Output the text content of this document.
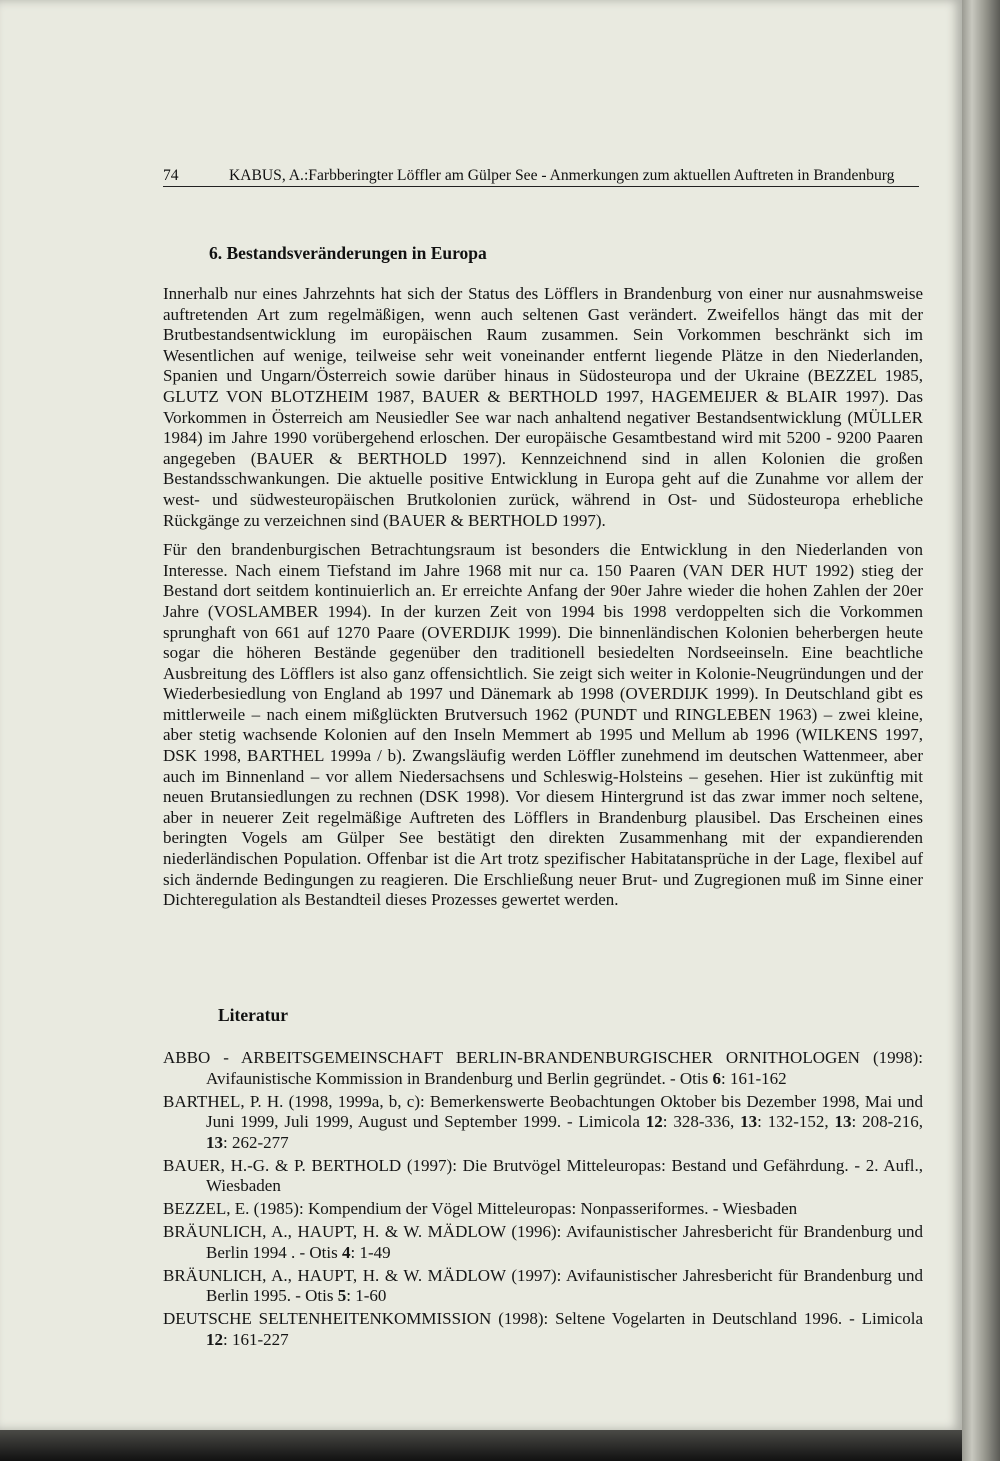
74	KABUS, A.:Farbberingter Löffler am Gülper See - Anmerkungen zum aktuellen Auftreten in Brandenburg
6. Bestandsveränderungen in Europa

Innerhalb nur eines Jahrzehnts hat sich der Status des Löfflers in Brandenburg von einer nur ausnahmsweise auftretenden Art zum regelmäßigen, wenn auch seltenen Gast verändert. Zweifellos hängt das mit der Brutbestandsentwicklung im europäischen Raum zusammen. Sein Vorkommen beschränkt sich im Wesentlichen auf wenige, teilweise sehr weit voneinander entfernt liegende Plätze in den Niederlanden, Spanien und Ungarn/Österreich sowie darüber hinaus in Südosteuropa und der Ukraine (BEZZEL 1985, GLUTZ VON BLOTZHEIM 1987, BAUER & BERTHOLD 1997, HAGEMEIJER & BLAIR 1997). Das Vorkommen in Österreich am Neusiedler See war nach anhaltend negativer Bestandsentwicklung (MÜLLER 1984) im Jahre 1990 vorübergehend erloschen. Der europäische Gesamtbestand wird mit 5200 - 9200 Paaren angegeben (BAUER & BERTHOLD 1997). Kennzeichnend sind in allen Kolonien die großen Bestandsschwankungen. Die aktuelle positive Entwicklung in Europa geht auf die Zunahme vor allem der west- und südwesteuropäischen Brutkolonien zurück, während in Ost- und Südosteuropa erhebliche Rückgänge zu verzeichnen sind (BAUER & BERTHOLD 1997).

Für den brandenburgischen Betrachtungsraum ist besonders die Entwicklung in den Niederlanden von Interesse. Nach einem Tiefstand im Jahre 1968 mit nur ca. 150 Paaren (VAN DER HUT 1992) stieg der Bestand dort seitdem kontinuierlich an. Er erreichte Anfang der 90er Jahre wieder die hohen Zahlen der 20er Jahre (VOSLAMBER 1994). In der kurzen Zeit von 1994 bis 1998 verdoppelten sich die Vorkommen sprunghaft von 661 auf 1270 Paare (OVERDIJK 1999). Die binnenländischen Kolonien beherbergen heute sogar die höheren Bestände gegenüber den traditionell besiedelten Nordseeinseln. Eine beachtliche Ausbreitung des Löfflers ist also ganz offensichtlich. Sie zeigt sich weiter in Kolonie-Neugründungen und der Wiederbesiedlung von England ab 1997 und Dänemark ab 1998 (OVERDIJK 1999). In Deutschland gibt es mittlerweile – nach einem mißglückten Brutversuch 1962 (PUNDT und RINGLEBEN 1963) – zwei kleine, aber stetig wachsende Kolonien auf den Inseln Memmert ab 1995 und Mellum ab 1996 (WILKENS 1997, DSK 1998, BARTHEL 1999a / b). Zwangsläufig werden Löffler zunehmend im deutschen Wattenmeer, aber auch im Binnenland – vor allem Niedersachsens und Schleswig-Holsteins – gesehen. Hier ist zukünftig mit neuen Brutansiedlungen zu rechnen (DSK 1998). Vor diesem Hintergrund ist das zwar immer noch seltene, aber in neuerer Zeit regelmäßige Auftreten des Löfflers in Brandenburg plausibel. Das Erscheinen eines beringten Vogels am Gülper See bestätigt den direkten Zusammenhang mit der expandierenden niederländischen Population. Offenbar ist die Art trotz spezifischer Habitatansprüche in der Lage, flexibel auf sich ändernde Bedingungen zu reagieren. Die Erschließung neuer Brut- und Zugregionen muß im Sinne einer Dichteregulation als Bestandteil dieses Prozesses gewertet werden.

Literatur
ABBO - ARBEITSGEMEINSCHAFT BERLIN-BRANDENBURGISCHER ORNITHOLOGEN (1998): Avifaunistische Kommission in Brandenburg und Berlin gegründet. - Otis 6: 161-162
BARTHEL, P. H. (1998, 1999a, b, c): Bemerkenswerte Beobachtungen Oktober bis Dezember 1998, Mai und Juni 1999, Juli 1999, August und September 1999. - Limicola 12: 328-336, 13: 132-152, 13: 208-216, 13: 262-277
BAUER, H.-G. & P. BERTHOLD (1997): Die Brutvögel Mitteleuropas: Bestand und Gefährdung. - 2. Aufl., Wiesbaden
BEZZEL, E. (1985): Kompendium der Vögel Mitteleuropas: Nonpasseriformes. - Wiesbaden
BRÄUNLICH, A., HAUPT, H. & W. MÄDLOW (1996): Avifaunistischer Jahresbericht für Brandenburg und Berlin 1994 . - Otis 4: 1-49
BRÄUNLICH, A., HAUPT, H. & W. MÄDLOW (1997): Avifaunistischer Jahresbericht für Brandenburg und Berlin 1995. - Otis 5: 1-60
DEUTSCHE SELTENHEITENKOMMISSION (1998): Seltene Vogelarten in Deutschland 1996. - Limicola 12: 161-227
